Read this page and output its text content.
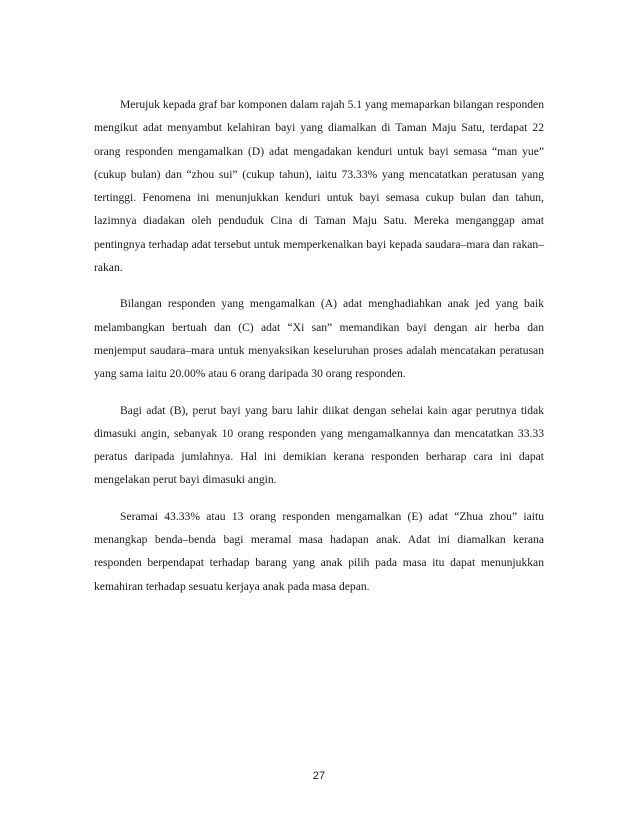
Merujuk kepada graf bar komponen dalam rajah 5.1 yang memaparkan bilangan responden mengikut adat menyambut kelahiran bayi yang diamalkan di Taman Maju Satu, terdapat 22 orang responden mengamalkan (D) adat mengadakan kenduri untuk bayi semasa “man yue” (cukup bulan) dan “zhou sui” (cukup tahun), iaitu 73.33% yang mencatatkan peratusan yang tertinggi. Fenomena ini menunjukkan kenduri untuk bayi semasa cukup bulan dan tahun, lazimnya diadakan oleh penduduk Cina di Taman Maju Satu. Mereka menganggap amat pentingnya terhadap adat tersebut untuk memperkenalkan bayi kepada saudara–mara dan rakan–rakan.

Bilangan responden yang mengamalkan (A) adat menghadiahkan anak jed yang baik melambangkan bertuah dan (C) adat “Xi san” memandikan bayi dengan air herba dan menjemput saudara–mara untuk menyaksikan keseluruhan proses adalah mencatakan peratusan yang sama iaitu 20.00% atau 6 orang daripada 30 orang responden.

Bagi adat (B), perut bayi yang baru lahir diikat dengan sehelai kain agar perutnya tidak dimasuki angin, sebanyak 10 orang responden yang mengamalkannya dan mencatatkan 33.33 peratus daripada jumlahnya. Hal ini demikian kerana responden berharap cara ini dapat mengelakan perut bayi dimasuki angin.

Seramai 43.33% atau 13 orang responden mengamalkan (E) adat “Zhua zhou” iaitu menangkap benda–benda bagi meramal masa hadapan anak. Adat ini diamalkan kerana responden berpendapat terhadap barang yang anak pilih pada masa itu dapat menunjukkan kemahiran terhadap sesuatu kerjaya anak pada masa depan.

27
